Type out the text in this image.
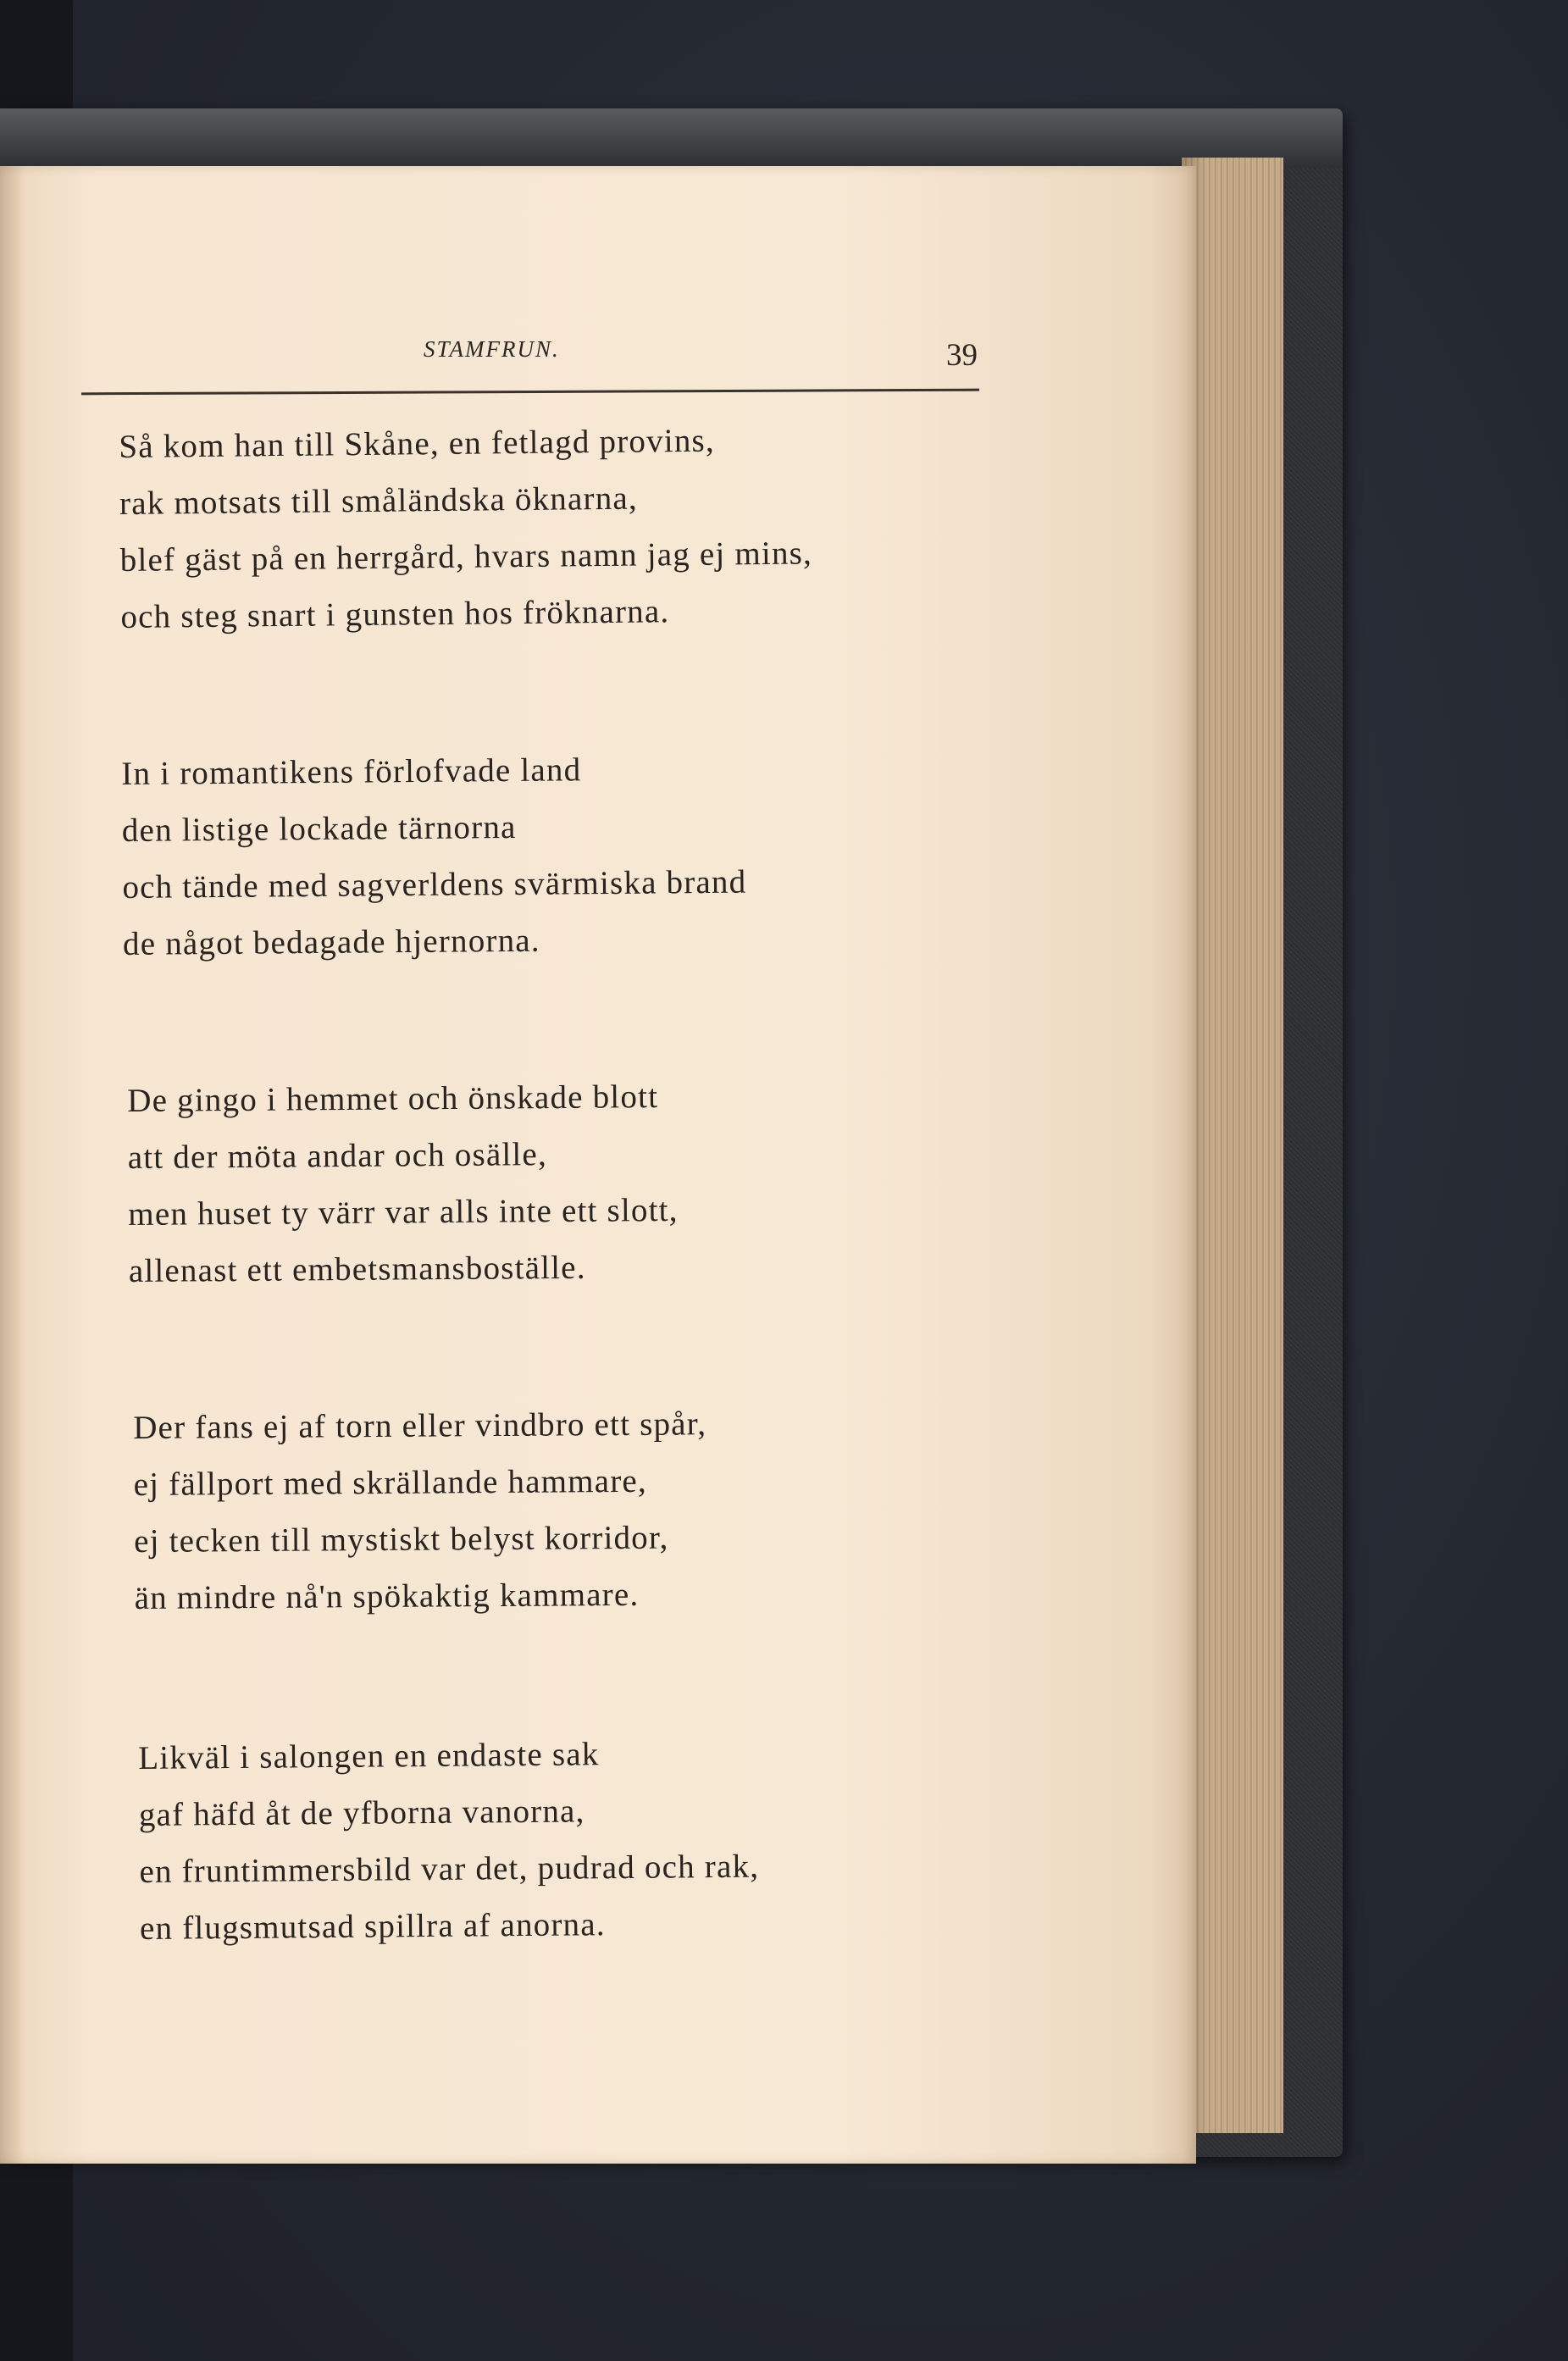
STAMFRUN.	39
Så kom han till Skåne, en fetlagd provins,
rak motsats till småländska öknarna,
blef gäst på en herrgård, hvars namn jag ej mins,
och steg snart i gunsten hos fröknarna.
In i romantikens förlofvade land
den listige lockade tärnorna
och tände med sagverldens svärmiska brand
de något bedagade hjernorna.
De gingo i hemmet och önskade blott
att der möta andar och osälle,
men huset ty värr var alls inte ett slott,
allenast ett embetsmansboställe.
Der fans ej af torn eller vindbro ett spår,
ej fällport med skrällande hammare,
ej tecken till mystiskt belyst korridor,
än mindre nå'n spökaktig kammare.
Likväl i salongen en endaste sak
gaf häfd åt de yfborna vanorna,
en fruntimmersbild var det, pudrad och rak,
en flugsmutsad spillra af anorna.
